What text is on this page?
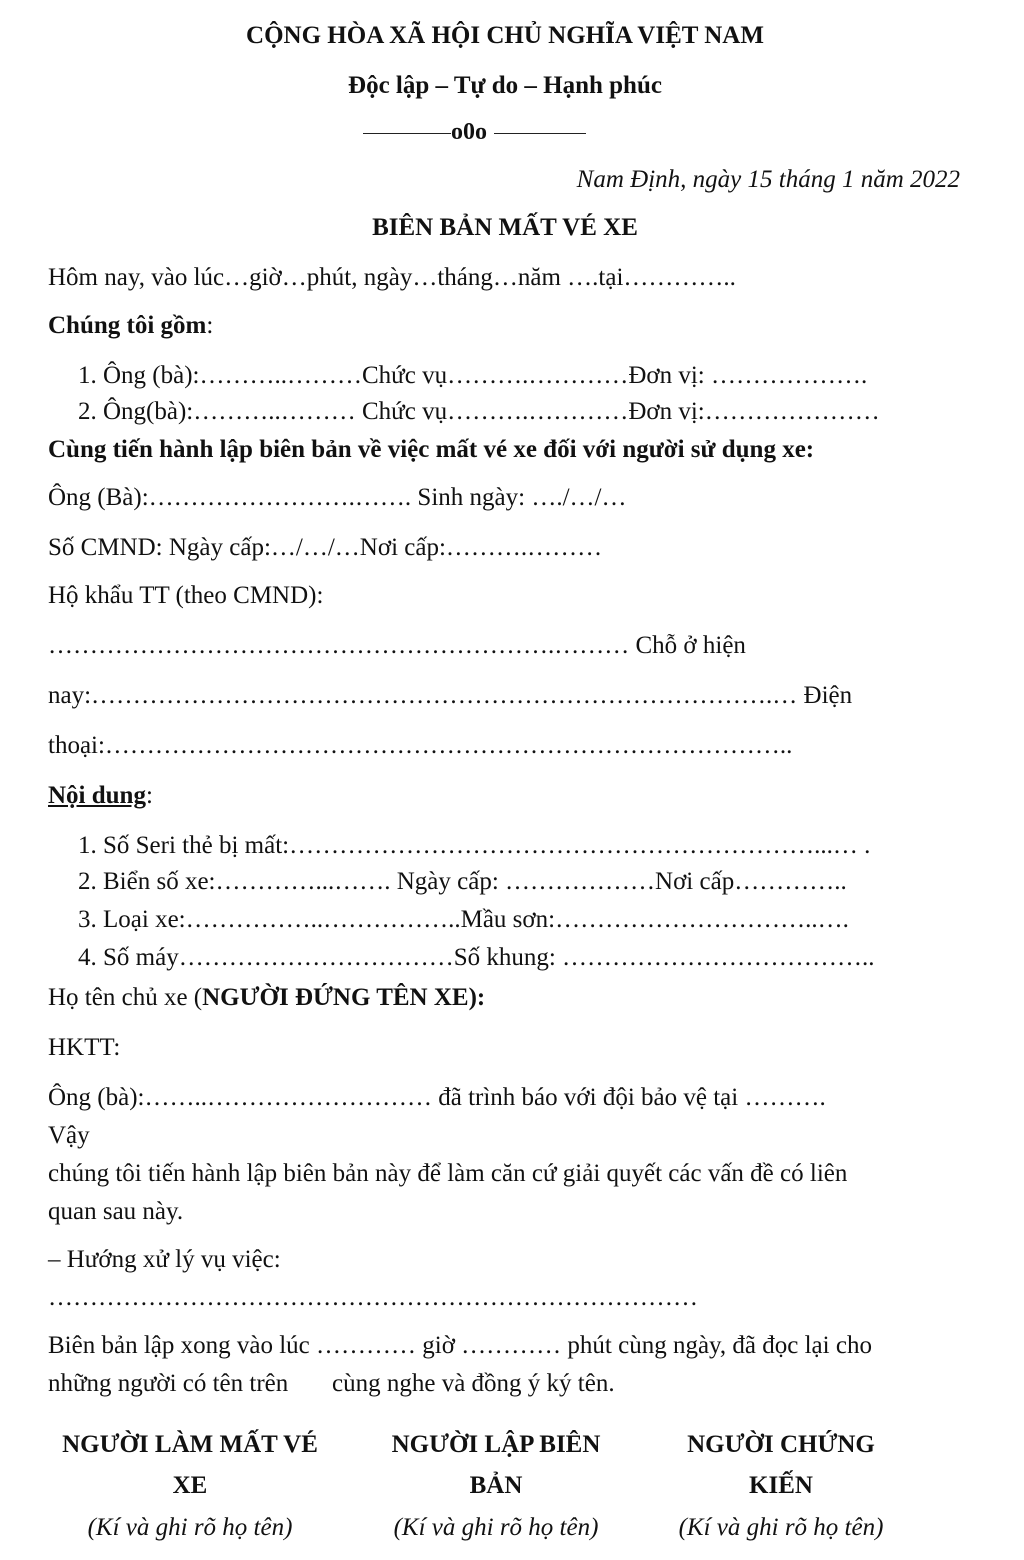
CỘNG HÒA XÃ HỘI CHỦ NGHĨA VIỆT NAM
Độc lập – Tự do – Hạnh phúc
o0o
Nam Định, ngày 15 tháng 1 năm 2022
BIÊN BẢN MẤT VÉ XE
Hôm nay, vào lúc…giờ…phút, ngày…tháng…năm ….tại…………..
Chúng tôi gồm:
1. Ông (bà):………..………Chức vụ……….…………Đơn vị: ……………….
2. Ông(bà):………..……… Chức vụ……….…………Đơn vị:…………………
Cùng tiến hành lập biên bản về việc mất vé xe đối với người sử dụng xe:
Ông (Bà):…………………….……. Sinh ngày: …./…/…
Số CMND: Ngày cấp:…/…/…Nơi cấp:……….………
Hộ khẩu TT (theo CMND):
…………………………………………………….……… Chỗ ở hiện
nay:……………………………………………………………………….… Điện
thoại:………………………………………………………………………..
Nội dung:
1. Số Seri thẻ bị mất:………………………………………………………...… .
2. Biển số xe:…………...……. Ngày cấp: ………………Nơi cấp…………..
3. Loại xe:……………..……………..Mầu sơn:…………………………..….
4. Số máy……………………………Số khung: ………………………………..
Họ tên chủ xe (NGƯỜI ĐỨNG TÊN XE):
HKTT:
Ông (bà):……..……………………… đã trình báo với đội bảo vệ tại ……….
Vậy
chúng tôi tiến hành lập biên bản này để làm căn cứ giải quyết các vấn đề có liên
quan sau này.
– Hướng xử lý vụ việc:
……………………………………………………………………
Biên bản lập xong vào lúc ………… giờ ………… phút cùng ngày, đã đọc lại cho
những người có tên trên       cùng nghe và đồng ý ký tên.
NGƯỜI LÀM MẤT VÉ
XE
(Kí và ghi rõ họ tên)
NGƯỜI LẬP BIÊN
BẢN
(Kí và ghi rõ họ tên)
NGƯỜI CHỨNG
KIẾN
(Kí và ghi rõ họ tên)
